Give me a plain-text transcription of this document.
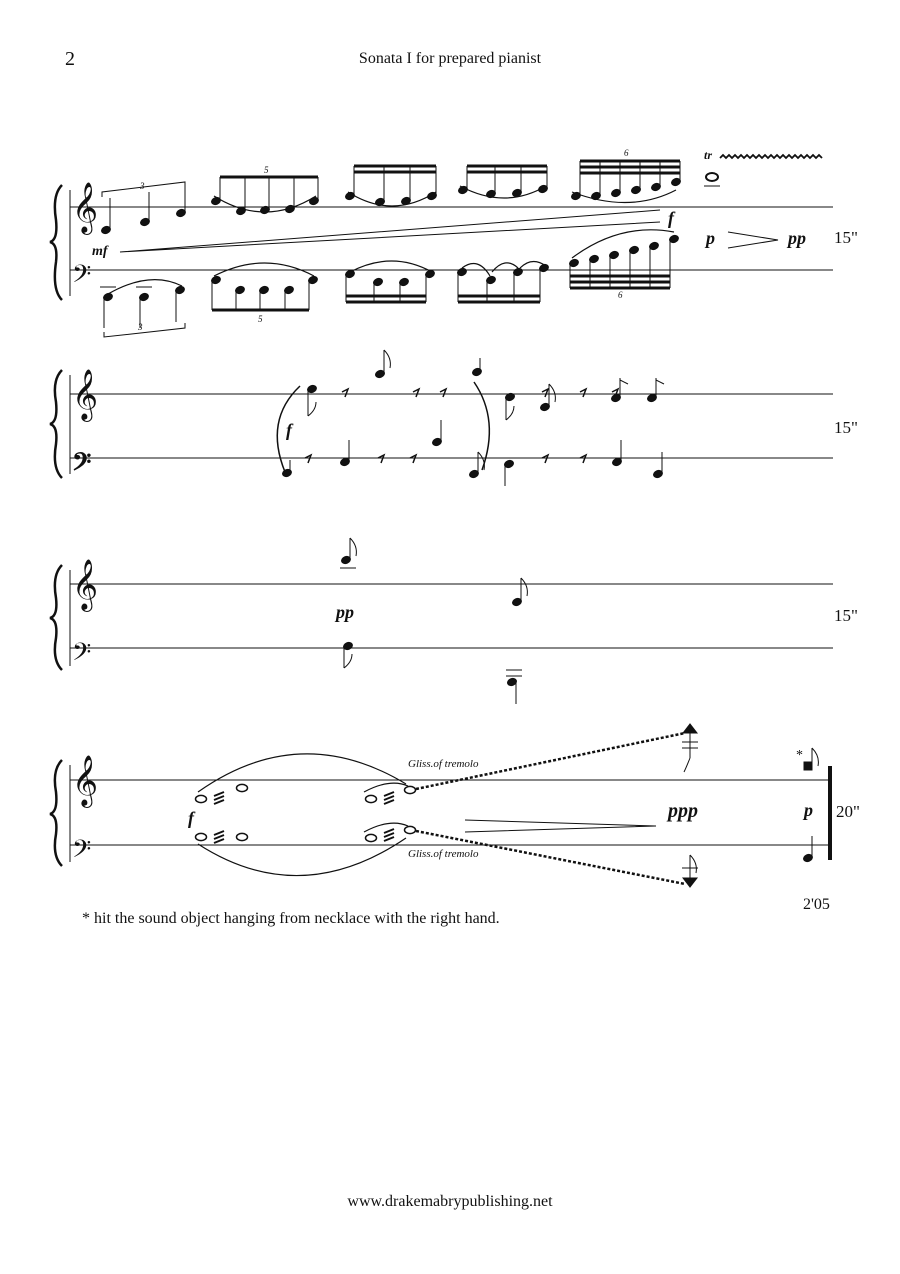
2	Sonata I for prepared pianist
𝄞
𝄢
𝄞
𝄢
𝄞
𝄢
𝄞
𝄢
mf
f
p	pp
tr
3
3
5
5
6
6
15"
f	15"
pp	15"
f	ppp	p
Gliss.of tremolo
Gliss.of tremolo
*
20"
2'05
* hit the sound object hanging from necklace with the right hand.
www.drakemabrypublishing.net
